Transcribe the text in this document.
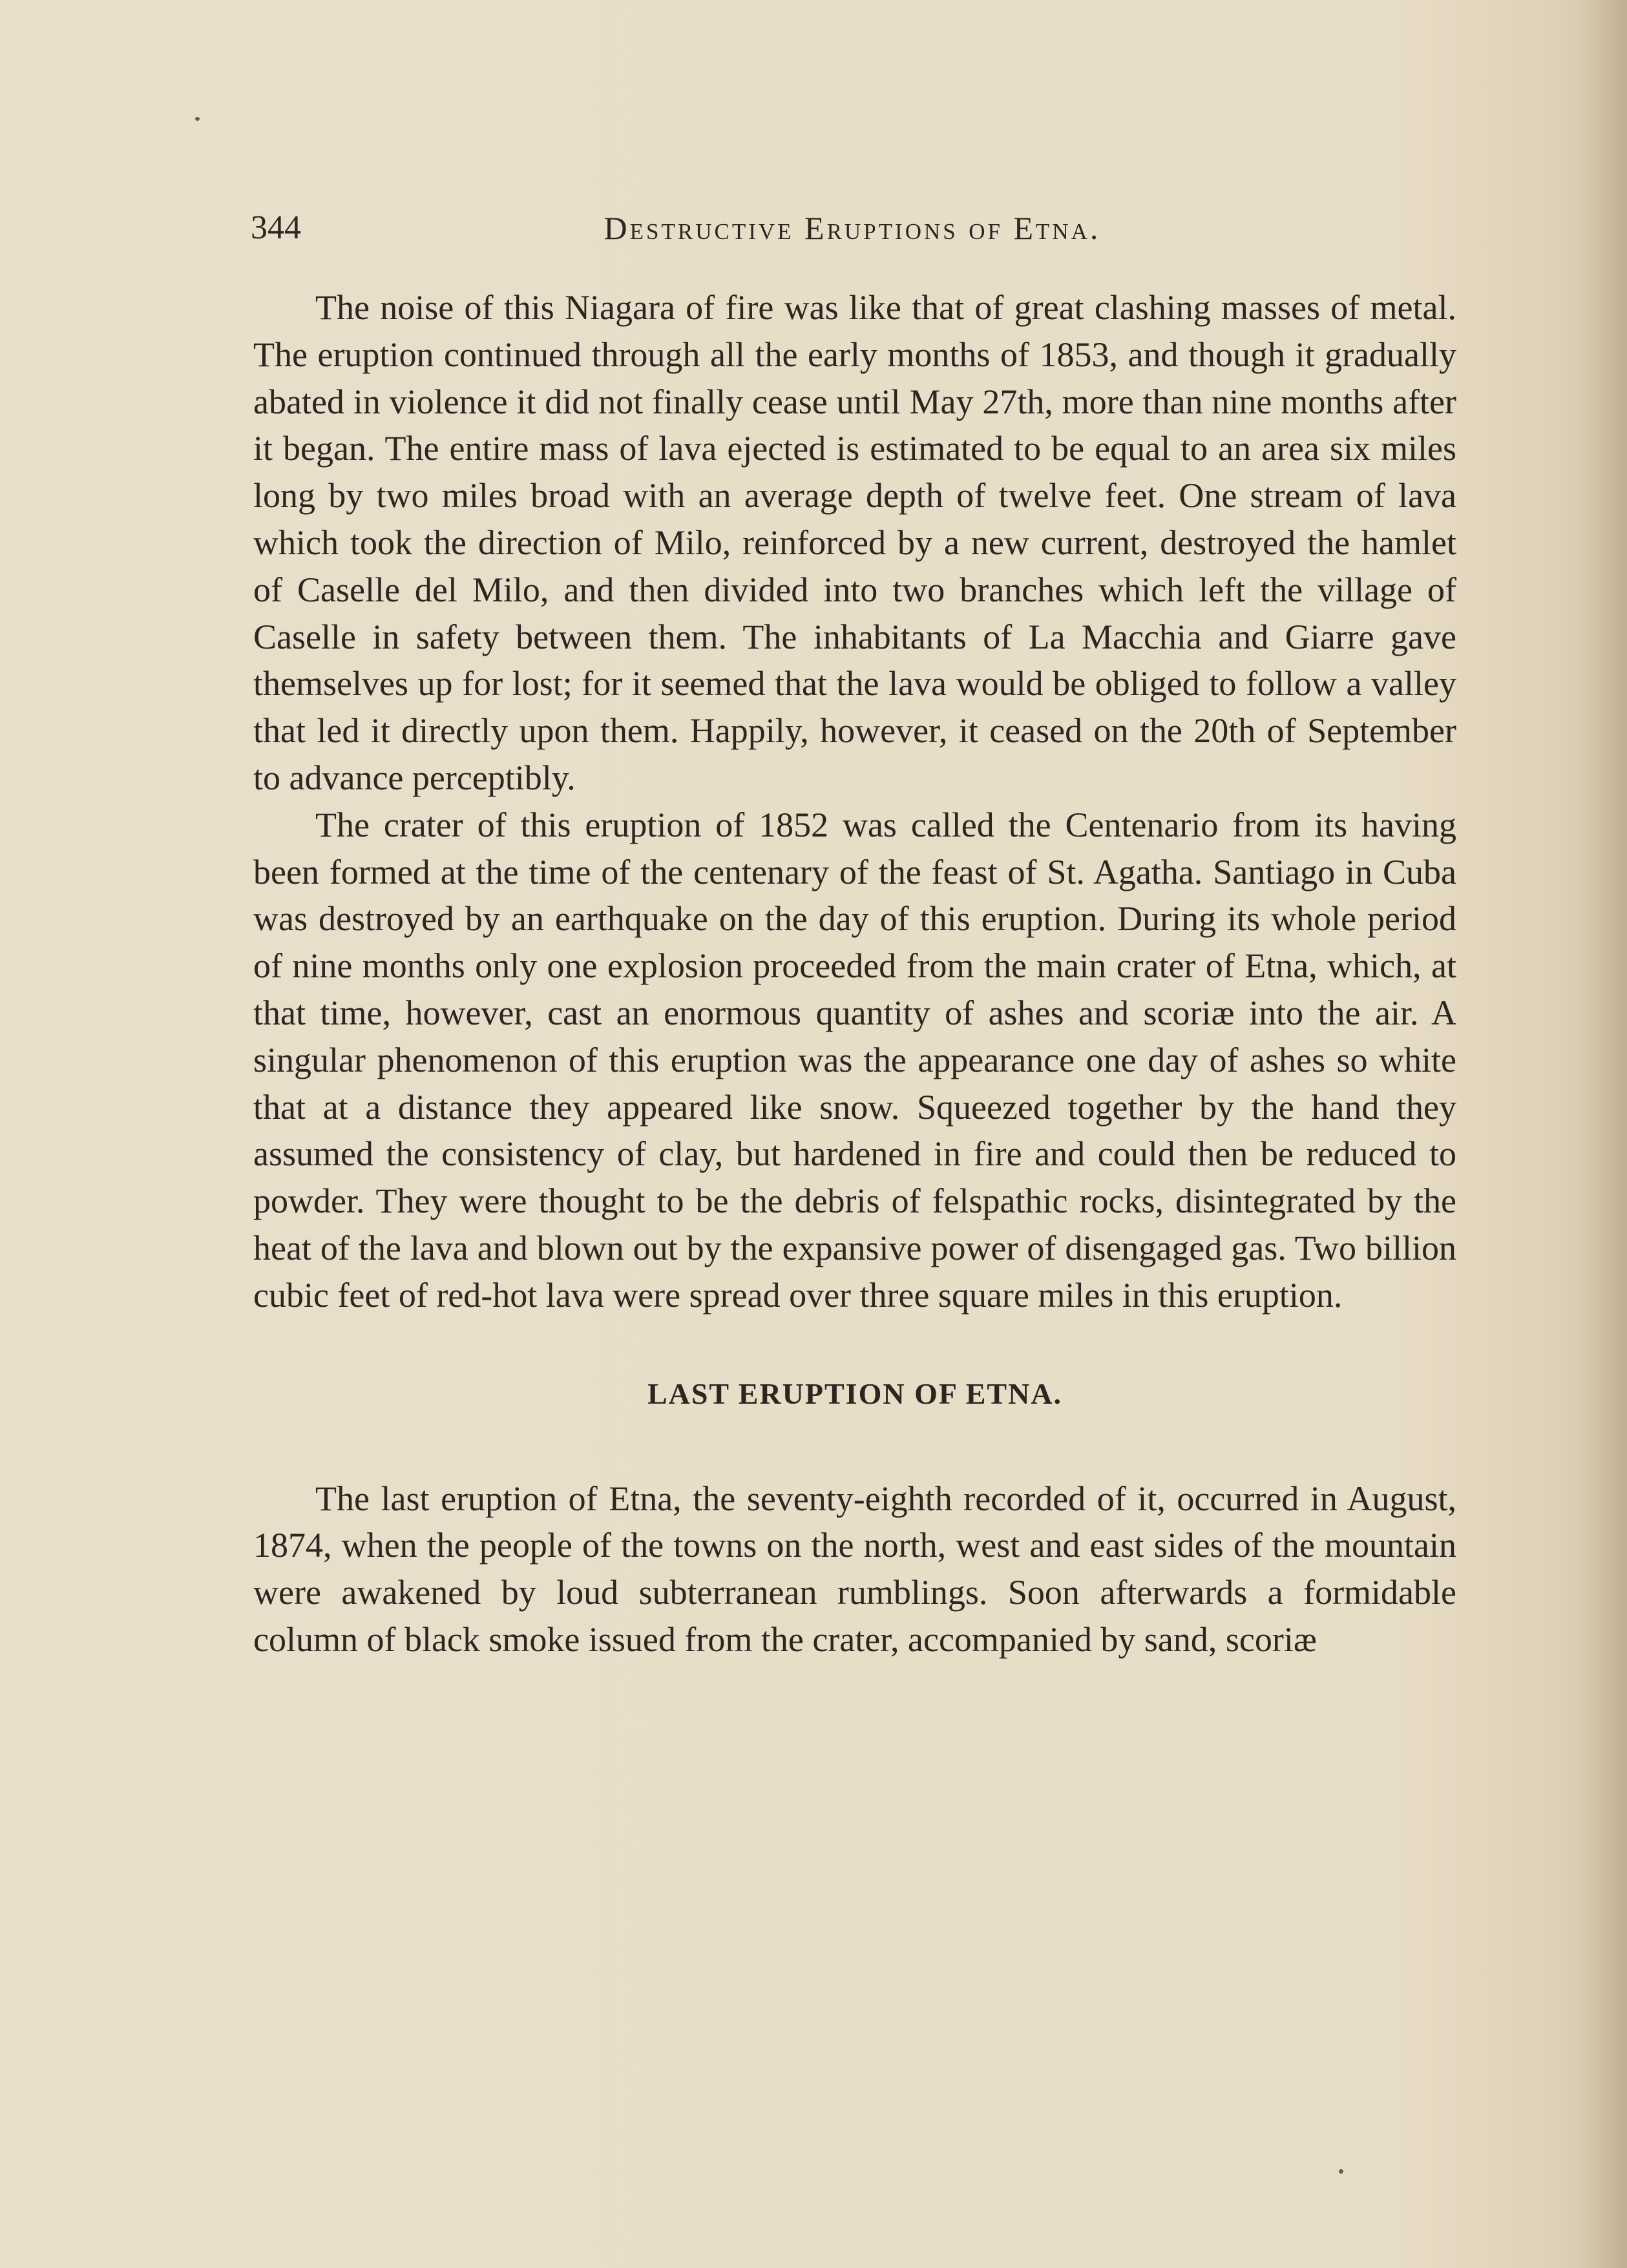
344	Destructive Eruptions of Etna.

The noise of this Niagara of fire was like that of great clashing masses of metal. The eruption continued through all the early months of 1853, and though it gradually abated in violence it did not finally cease until May 27th, more than nine months after it began. The entire mass of lava ejected is estimated to be equal to an area six miles long by two miles broad with an average depth of twelve feet. One stream of lava which took the direction of Milo, reinforced by a new current, destroyed the hamlet of Caselle del Milo, and then divided into two branches which left the village of Caselle in safety between them. The inhabitants of La Macchia and Giarre gave themselves up for lost; for it seemed that the lava would be obliged to follow a valley that led it directly upon them. Happily, however, it ceased on the 20th of September to advance perceptibly.

The crater of this eruption of 1852 was called the Centenario from its having been formed at the time of the centenary of the feast of St. Agatha. Santiago in Cuba was destroyed by an earthquake on the day of this eruption. During its whole period of nine months only one explosion proceeded from the main crater of Etna, which, at that time, however, cast an enormous quantity of ashes and scoriæ into the air. A singular phenomenon of this eruption was the appearance one day of ashes so white that at a distance they appeared like snow. Squeezed together by the hand they assumed the consistency of clay, but hardened in fire and could then be reduced to powder. They were thought to be the debris of felspathic rocks, disintegrated by the heat of the lava and blown out by the expansive power of disengaged gas. Two billion cubic feet of red-hot lava were spread over three square miles in this eruption.

LAST ERUPTION OF ETNA.

The last eruption of Etna, the seventy-eighth recorded of it, occurred in August, 1874, when the people of the towns on the north, west and east sides of the mountain were awakened by loud subterranean rumblings. Soon afterwards a formidable column of black smoke issued from the crater, accompanied by sand, scoriæ
